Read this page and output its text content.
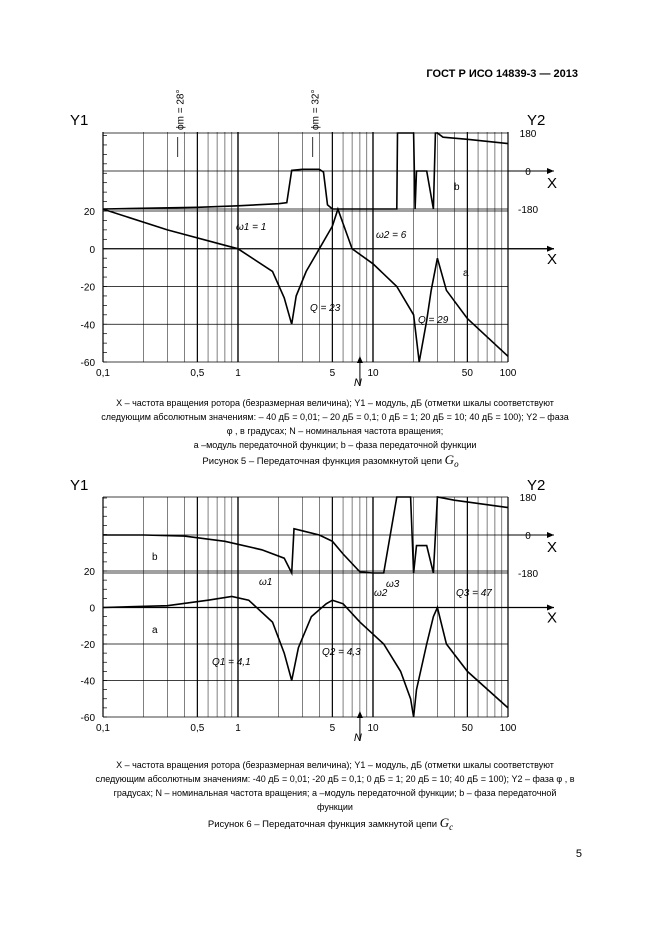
ГОСТ Р ИСО 14839-3 — 2013
Y1	Y2
20
0
-20
-40
-60
180
0
-180
0,1	0,5	1	5	10	50	100
X
X
N
ϕm = 28°	ϕm = 32°
ω1 = 1
ω2 = 6
Q = 23
Q = 29
a
b
X – частота вращения ротора (безразмерная величина); Y1 – модуль, дБ (отметки шкалы соответствуют
следующим абсолютным значениям: – 40 дБ = 0,01; – 20 дБ = 0,1; 0 дБ = 1; 20 дБ = 10; 40 дБ = 100); Y2 – фаза
φ , в градусах; N – номинальная частота вращения;
a –модуль передаточной функции; b – фаза передаточной функции
Рисунок 5 – Передаточная функция разомкнутой цепи $G_o$
Y1	Y2
20
0
-20
-40
-60
180
0
-180
0,1	0,5	1	5	10	50	100
X
X
N
ω1
ω2
ω3
Q1 = 4,1
Q2 = 4,3
Q3 = 47
a
b
X – частота вращения ротора (безразмерная величина); Y1 – модуль, дБ (отметки шкалы соответствуют
следующим абсолютным значениям: -40 дБ = 0,01; -20 дБ = 0,1; 0 дБ = 1; 20 дБ = 10; 40 дБ = 100); Y2 – фаза φ , в
градусах; N – номинальная частота вращения; a –модуль передаточной функции; b – фаза передаточной
функции
Рисунок 6 – Передаточная функция замкнутой цепи $G_c$
5
